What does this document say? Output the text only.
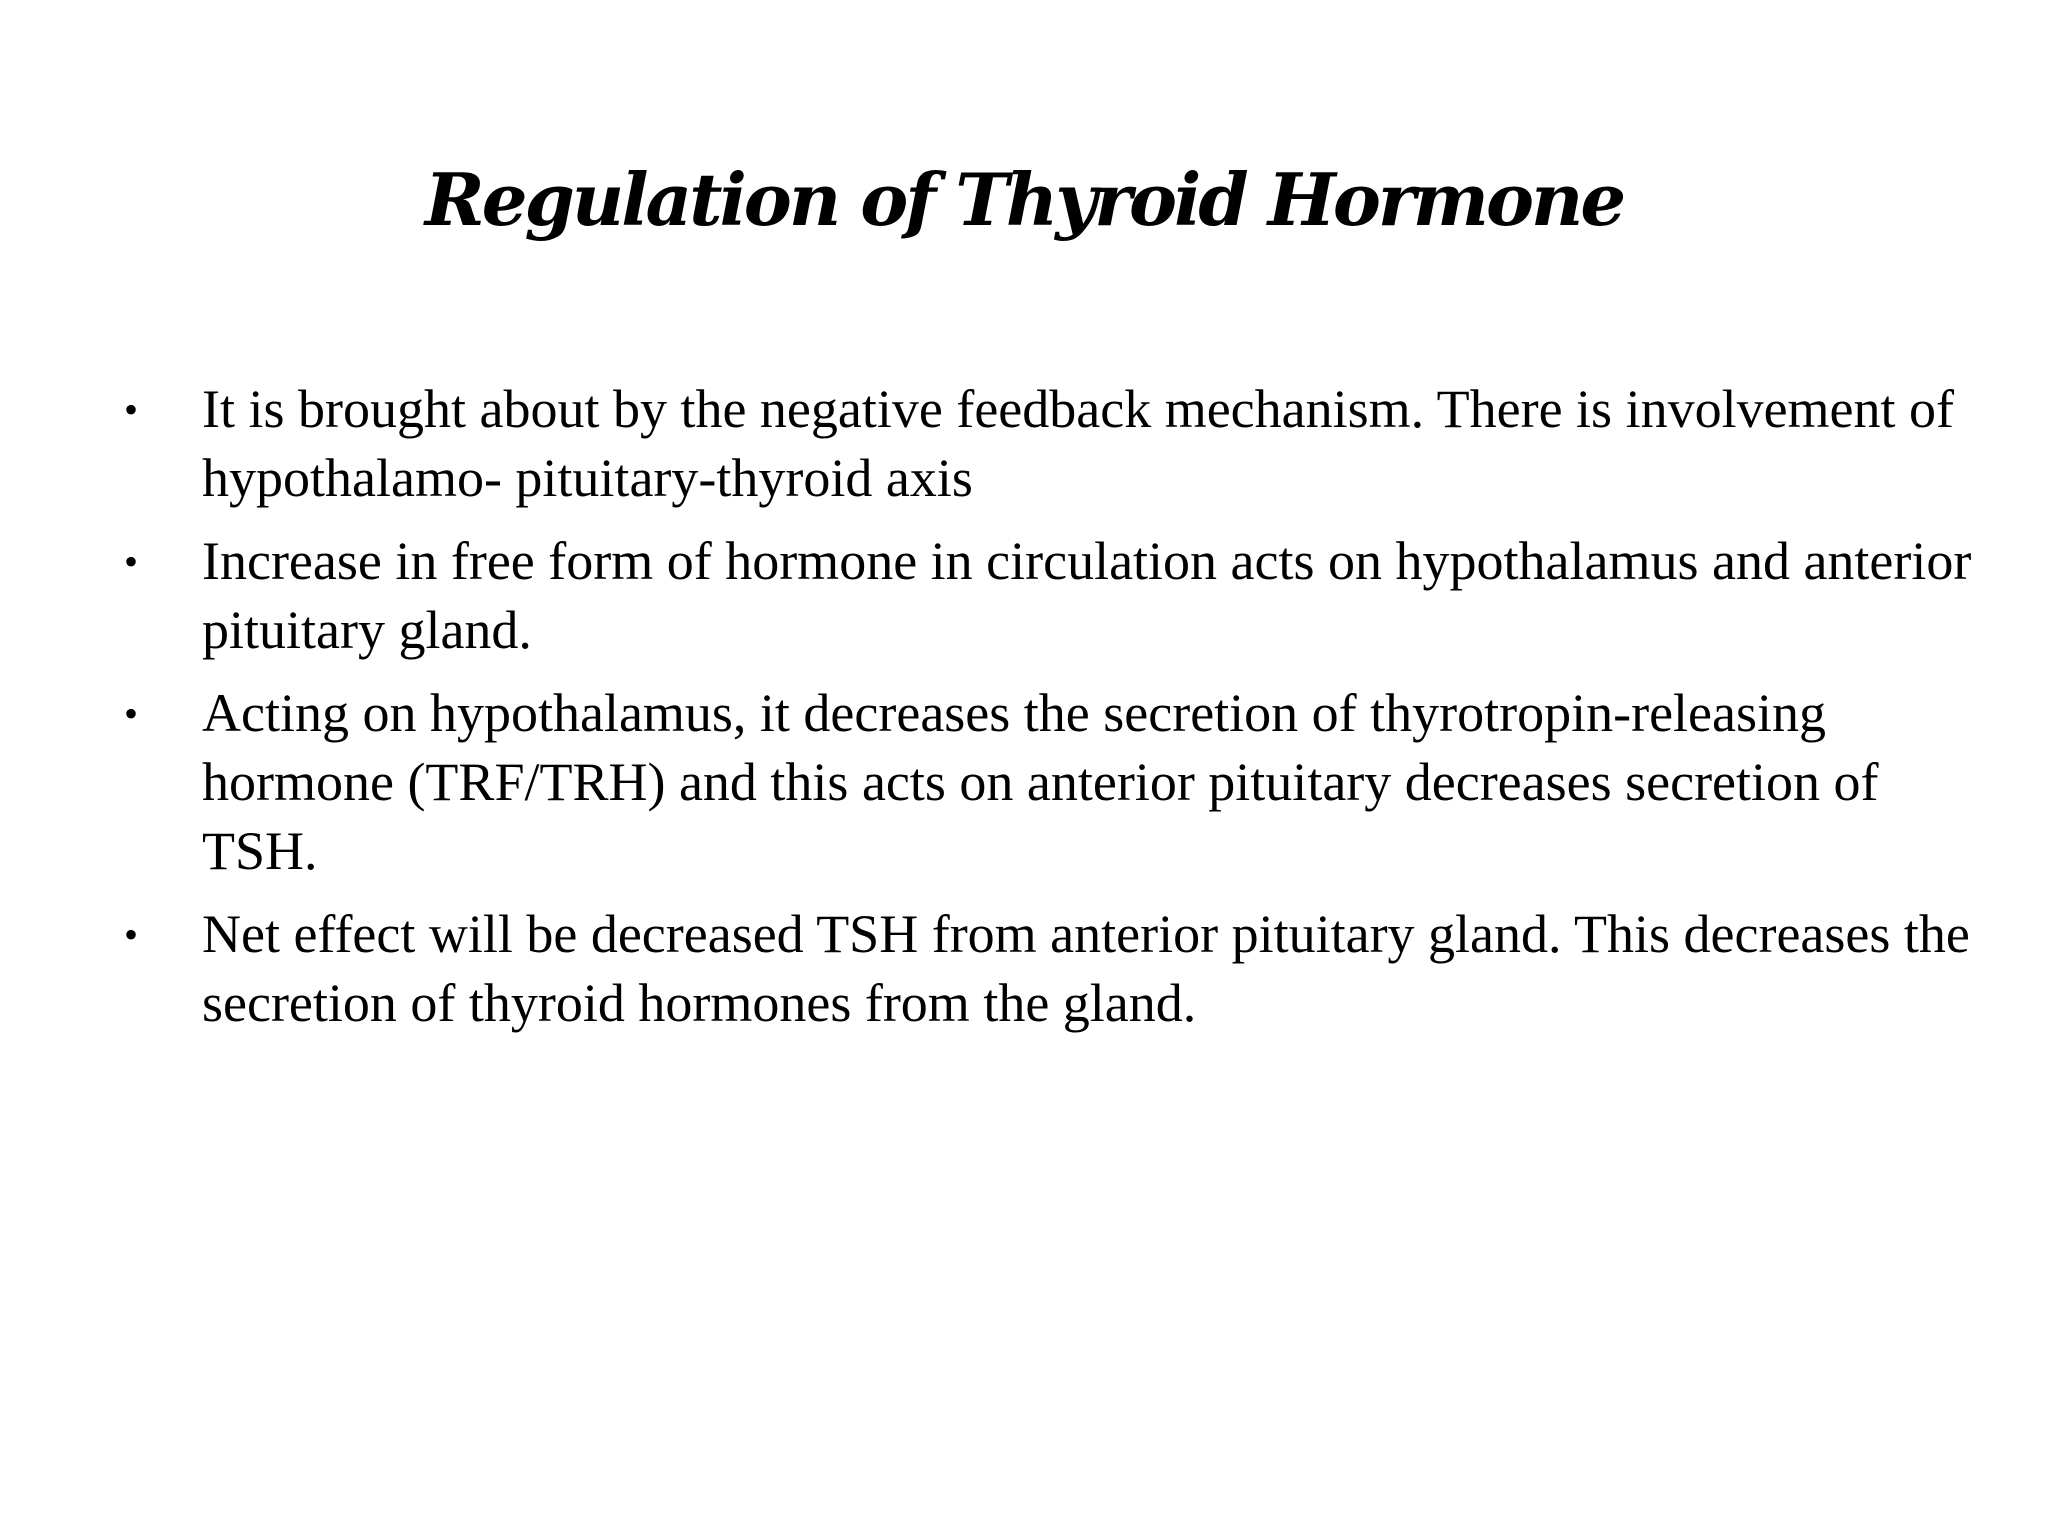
Regulation of Thyroid Hormone
• It is brought about by the negative feedback mechanism. There is involvement of hypothalamo- pituitary-thyroid axis
• Increase in free form of hormone in circulation acts on hypothalamus and anterior pituitary gland.
• Acting on hypothalamus, it decreases the secretion of thyrotropin-releasing hormone (TRF/TRH) and this acts on anterior pituitary decreases secretion of TSH.
• Net effect will be decreased TSH from anterior pituitary gland. This decreases the secretion of thyroid hormones from the gland.
